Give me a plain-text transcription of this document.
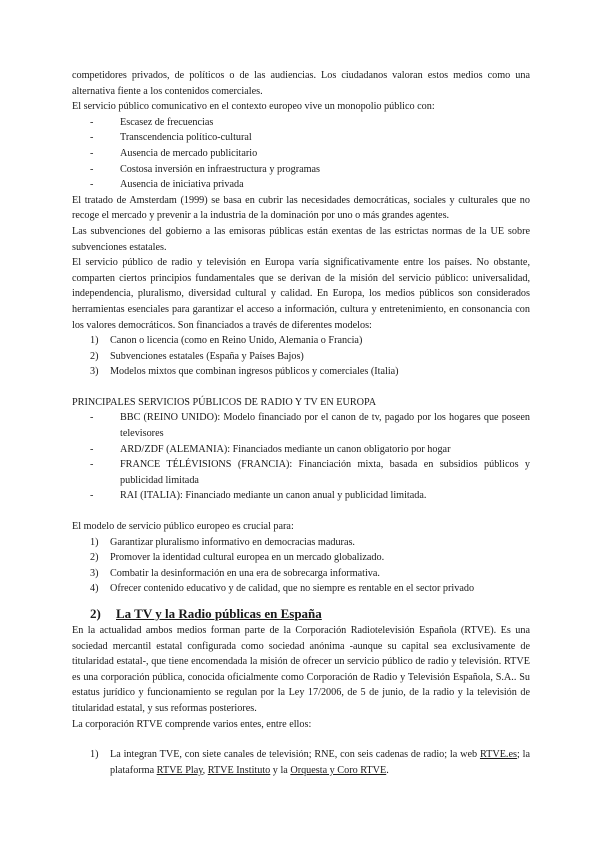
competidores privados, de políticos o de las audiencias. Los ciudadanos valoran estos medios como una alternativa fiente a los contenidos comerciales.

El servicio público comunicativo en el contexto europeo vive un monopolio público con:

- Escasez de frecuencias
- Transcendencia político-cultural
- Ausencia de mercado publicitario
- Costosa inversión en infraestructura y programas
- Ausencia de iniciativa privada

El tratado de Amsterdam (1999) se basa en cubrir las necesidades democráticas, sociales y culturales que no recoge el mercado y prevenir a la industria de la dominación por uno o más grandes agentes.

Las subvenciones del gobierno a las emisoras públicas están exentas de las estrictas normas de la UE sobre subvenciones estatales.

El servicio público de radio y televisión en Europa varía significativamente entre los países. No obstante, comparten ciertos principios fundamentales que se derivan de la misión del servicio público: universalidad, independencia, pluralismo, diversidad cultural y calidad. En Europa, los medios públicos son considerados herramientas esenciales para garantizar el acceso a información, cultura y entretenimiento, en consonancia con los valores democráticos. Son financiados a través de diferentes modelos:

1) Canon o licencia (como en Reino Unido, Alemania o Francia)
2) Subvenciones estatales (España y Países Bajos)
3) Modelos mixtos que combinan ingresos públicos y comerciales (Italia)

PRINCIPALES SERVICIOS PÚBLICOS DE RADIO Y TV EN EUROPA

- BBC (REINO UNIDO): Modelo financiado por el canon de tv, pagado por los hogares que poseen televisores
- ARD/ZDF (ALEMANIA): Financiados mediante un canon obligatorio por hogar
- FRANCE TÉLÉVISIONS (FRANCIA): Financiación mixta, basada en subsidios públicos y publicidad limitada
- RAI (ITALIA): Financiado mediante un canon anual y publicidad limitada.

El modelo de servicio público europeo es crucial para:

1) Garantizar pluralismo informativo en democracias maduras.
2) Promover la identidad cultural europea en un mercado globalizado.
3) Combatir la desinformación en una era de sobrecarga informativa.
4) Ofrecer contenido educativo y de calidad, que no siempre es rentable en el sector privado
2) La TV y la Radio públicas en España

En la actualidad ambos medios forman parte de la Corporación Radiotelevisión Española (RTVE). Es una sociedad mercantil estatal configurada como sociedad anónima -aunque su capital sea exclusivamente de titularidad estatal-, que tiene encomendada la misión de ofrecer un servicio público de radio y televisión. RTVE es una corporación pública, conocida oficialmente como Corporación de Radio y Televisión Española, S.A.. Su estatus jurídico y funcionamiento se regulan por la Ley 17/2006, de 5 de junio, de la radio y la televisión de titularidad estatal, y sus reformas posteriores.

La corporación RTVE comprende varios entes, entre ellos:

1) La integran TVE, con siete canales de televisión; RNE, con seis cadenas de radio; la web RTVE.es; la plataforma RTVE Play, RTVE Instituto y la Orquesta y Coro RTVE.
